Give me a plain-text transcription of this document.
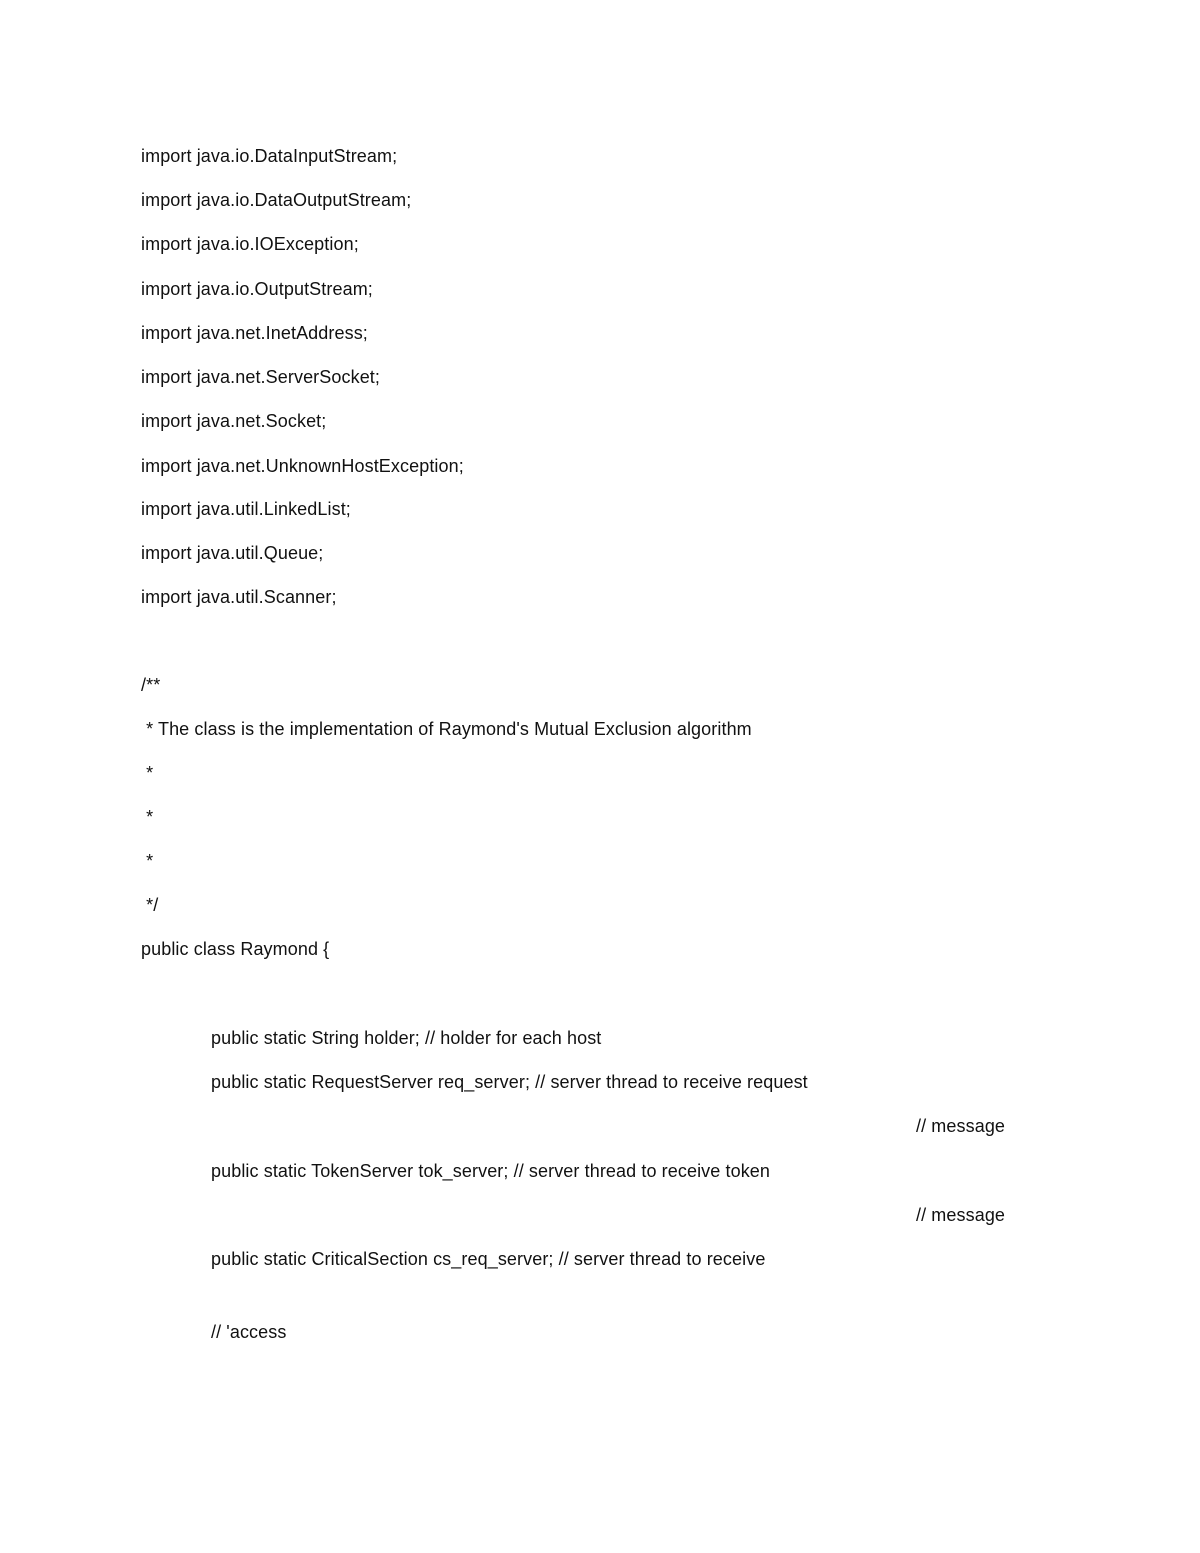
import java.io.DataInputStream;
import java.io.DataOutputStream;
import java.io.IOException;
import java.io.OutputStream;
import java.net.InetAddress;
import java.net.ServerSocket;
import java.net.Socket;
import java.net.UnknownHostException;
import java.util.LinkedList;
import java.util.Queue;
import java.util.Scanner;
/**
* The class is the implementation of Raymond's Mutual Exclusion algorithm
*
*
*
*/
public class Raymond {
public static String holder; // holder for each host
public static RequestServer req_server; // server thread to receive request
// message
public static TokenServer tok_server; // server thread to receive token
// message
public static CriticalSection cs_req_server; // server thread to receive
// 'access
